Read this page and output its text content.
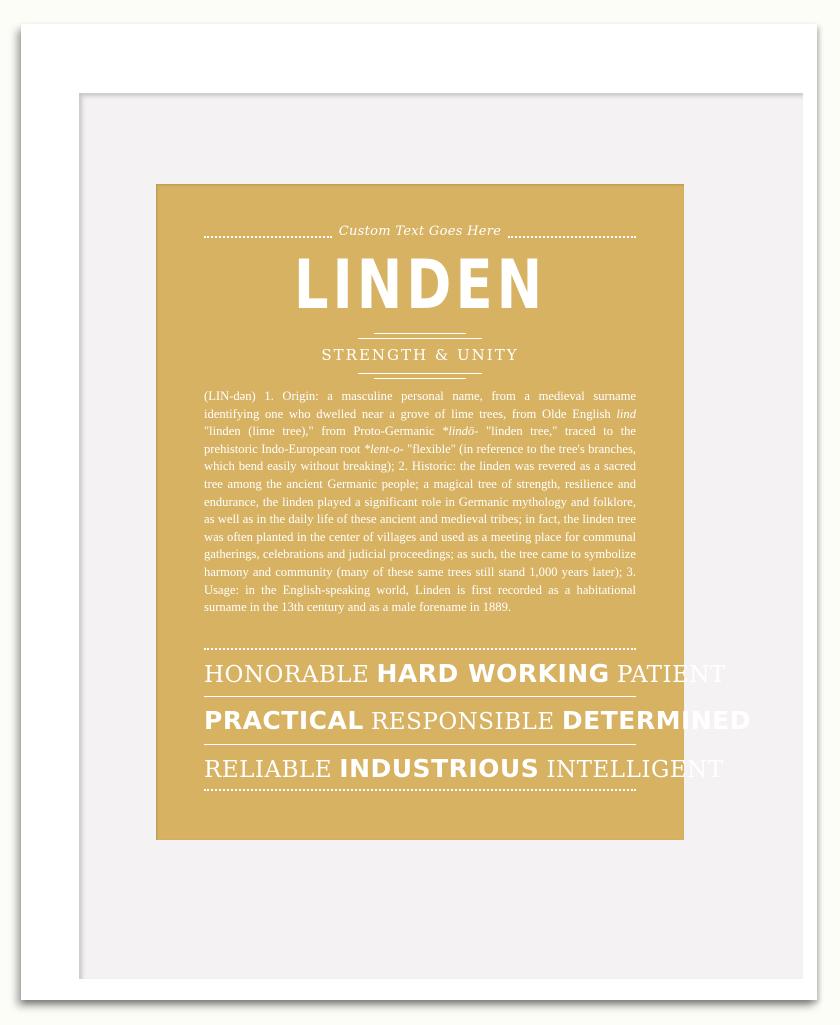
Custom Text Goes Here
LINDEN
STRENGTH & UNITY
(LIN-dən) 1. Origin: a masculine personal name, from a medieval surname identifying one who dwelled near a grove of lime trees, from Olde English lind "linden (lime tree)," from Proto-Germanic *lindō- "linden tree," traced to the prehistoric Indo-European root *lent-o- "flexible" (in reference to the tree's branches, which bend easily without breaking); 2. Historic: the linden was revered as a sacred tree among the ancient Germanic people; a magical tree of strength, resilience and endurance, the linden played a significant role in Germanic mythology and folklore, as well as in the daily life of these ancient and medieval tribes; in fact, the linden tree was often planted in the center of villages and used as a meeting place for communal gatherings, celebrations and judicial proceedings; as such, the tree came to symbolize harmony and community (many of these same trees still stand 1,000 years later); 3. Usage: in the English-speaking world, Linden is first recorded as a habitational surname in the 13th century and as a male forename in 1889.
HONORABLE HARD WORKING PATIENT
PRACTICAL RESPONSIBLE DETERMINED
RELIABLE INDUSTRIOUS INTELLIGENT
